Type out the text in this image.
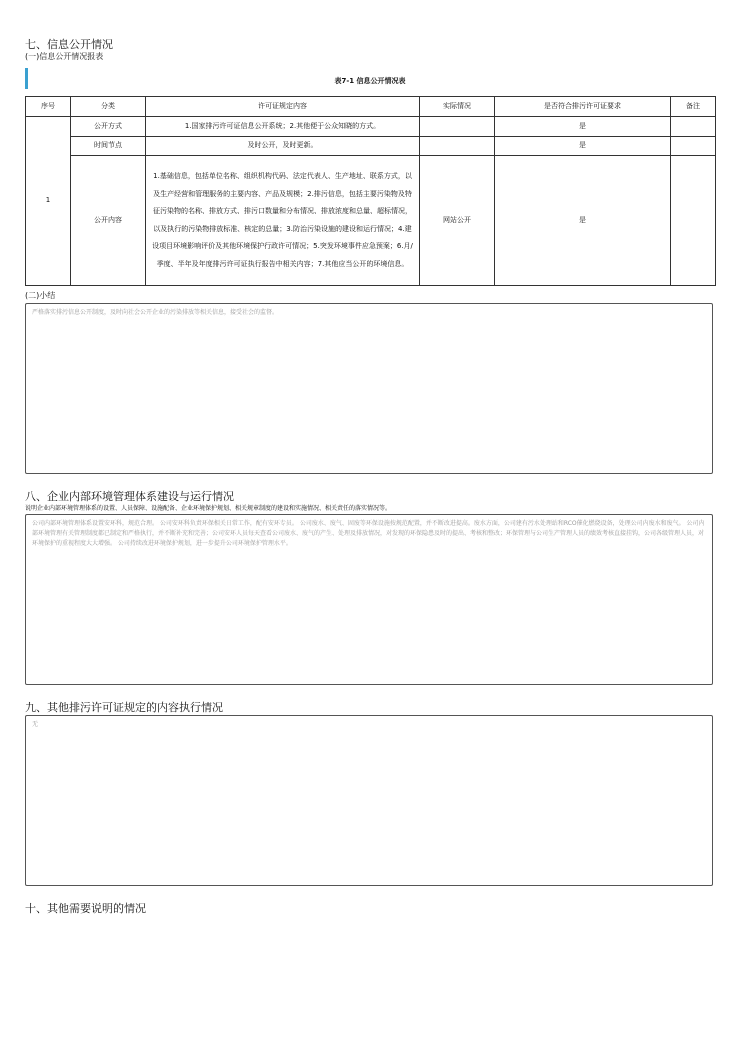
七、信息公开情况
(一)信息公开情况报表
表7-1 信息公开情况表
序号	分类	许可证规定内容	实际情况	是否符合排污许可证要求	备注
1	公开方式	1.国家排污许可证信息公开系统；2.其他便于公众知晓的方式。		是	
	时间节点	及时公开，及时更新。		是	
	公开内容	1.基础信息，包括单位名称、组织机构代码、法定代表人、生产地址、联系方式，以及生产经营和管理服务的主要内容、产品及规模；2.排污信息，包括主要污染物及特征污染物的名称、排放方式、排污口数量和分布情况、排放浓度和总量、超标情况，以及执行的污染物排放标准、核定的总量；3.防治污染设施的建设和运行情况；4.建设项目环境影响评价及其他环境保护行政许可情况；5.突发环境事件应急预案；6.月/季度、半年及年度排污许可证执行报告中相关内容；7.其他应当公开的环境信息。	网站公开	是	
(二)小结
严格落实排污信息公开制度，及时向社会公开企业的污染排放等相关信息，接受社会的监督。
八、企业内部环境管理体系建设与运行情况
说明企业内部环境管理体系的设置、人员保障、设施配备、企业环境保护规划、相关规章制度的建设和实施情况、相关责任的落实情况等。
公司内部环境管理体系设置安环科，规范合理。 公司安环科负责环保相关日常工作，配有安环专员。 公司废水、废气、固废等环保设施按规范配置，并不断改进提高。废水方面，公司建有污水处理站和RCO催化燃烧设备，处理公司内废水和废气。 公司内部环境管理有关管理制度都已制定和严格执行，并不断补充和完善；公司安环人员每天查看公司废水、废气的产生、处理及排放情况，对发现的环保隐患及时的提出、考核和整改；环保管理与公司生产管理人员的绩效考核直接挂钩，公司各级管理人员，对环境保护的重视程度大大增强。 公司持续改进环境保护规划，进一步提升公司环境保护管理水平。
九、其他排污许可证规定的内容执行情况
无
十、其他需要说明的情况
